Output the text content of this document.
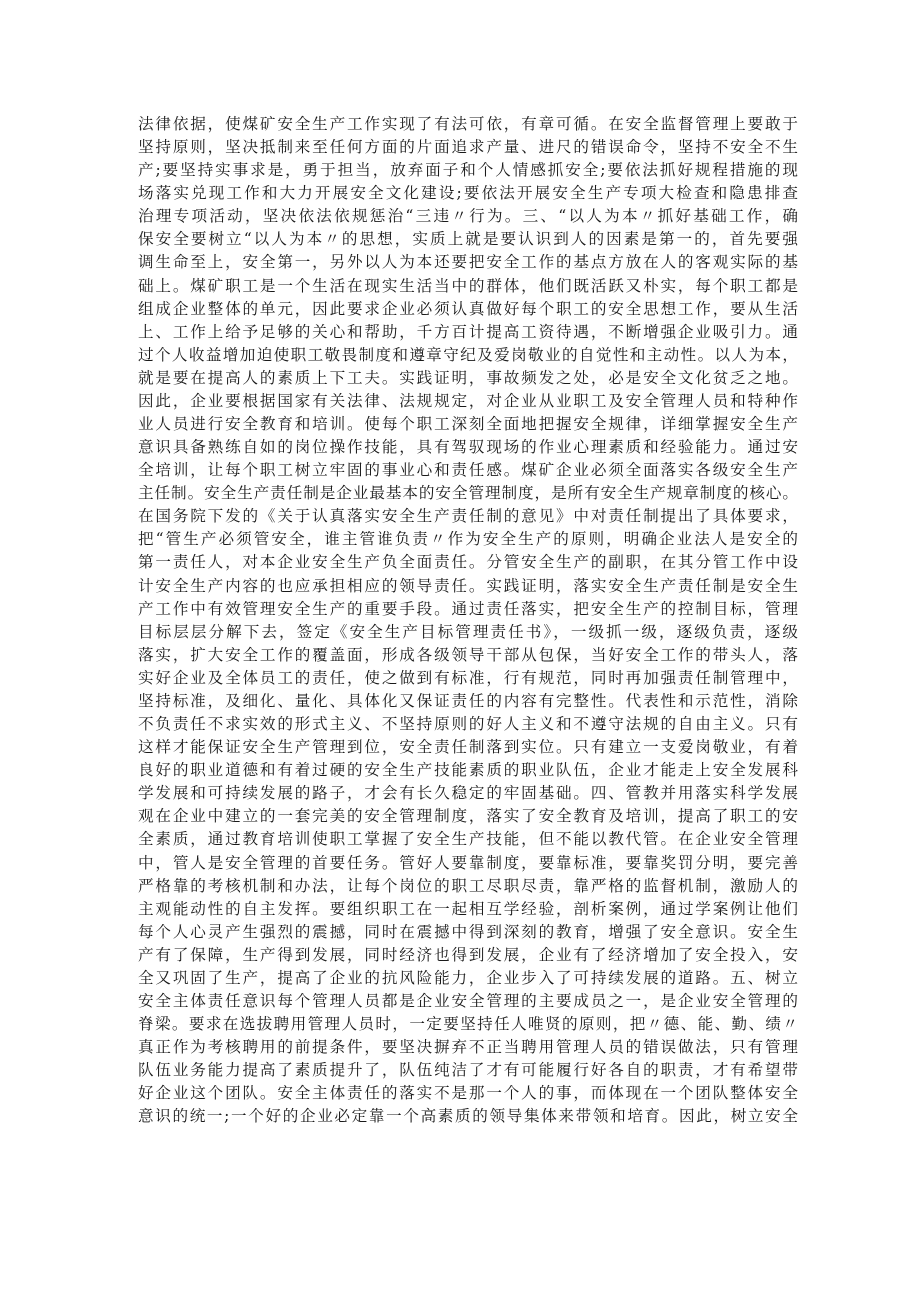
法律依据，使煤矿安全生产工作实现了有法可依，有章可循。在安全监督管理上要敢于
坚持原则，坚决抵制来至任何方面的片面追求产量、进尺的错误命令，坚持不安全不生
产;要坚持实事求是，勇于担当，放弃面子和个人情感抓安全;要依法抓好规程措施的现
场落实兑现工作和大力开展安全文化建设;要依法开展安全生产专项大检查和隐患排查
治理专项活动，坚决依法依规惩治“三违〃行为。三、“以人为本〃抓好基础工作，确
保安全要树立“以人为本〃的思想，实质上就是要认识到人的因素是第一的，首先要强
调生命至上，安全第一，另外以人为本还要把安全工作的基点方放在人的客观实际的基
础上。煤矿职工是一个生活在现实生活当中的群体，他们既活跃又朴实，每个职工都是
组成企业整体的单元，因此要求企业必须认真做好每个职工的安全思想工作，要从生活
上、工作上给予足够的关心和帮助，千方百计提高工资待遇，不断增强企业吸引力。通
过个人收益增加迫使职工敬畏制度和遵章守纪及爱岗敬业的自觉性和主动性。以人为本，
就是要在提高人的素质上下工夫。实践证明，事故频发之处，必是安全文化贫乏之地。
因此，企业要根据国家有关法律、法规规定，对企业从业职工及安全管理人员和特种作
业人员进行安全教育和培训。使每个职工深刻全面地把握安全规律，详细掌握安全生产
意识具备熟练自如的岗位操作技能，具有驾驭现场的作业心理素质和经验能力。通过安
全培训，让每个职工树立牢固的事业心和责任感。煤矿企业必须全面落实各级安全生产
主任制。安全生产责任制是企业最基本的安全管理制度，是所有安全生产规章制度的核心。
在国务院下发的《关于认真落实安全生产责任制的意见》中对责任制提出了具体要求，
把“管生产必须管安全，谁主管谁负责〃作为安全生产的原则，明确企业法人是安全的
第一责任人，对本企业安全生产负全面责任。分管安全生产的副职，在其分管工作中设
计安全生产内容的也应承担相应的领导责任。实践证明，落实安全生产责任制是安全生
产工作中有效管理安全生产的重要手段。通过责任落实，把安全生产的控制目标，管理
目标层层分解下去，签定《安全生产目标管理责任书》，一级抓一级，逐级负责，逐级
落实，扩大安全工作的覆盖面，形成各级领导干部从包保，当好安全工作的带头人，落
实好企业及全体员工的责任，使之做到有标准，行有规范，同时再加强责任制管理中，
坚持标准，及细化、量化、具体化又保证责任的内容有完整性。代表性和示范性，消除
不负责任不求实效的形式主义、不坚持原则的好人主义和不遵守法规的自由主义。只有
这样才能保证安全生产管理到位，安全责任制落到实位。只有建立一支爱岗敬业，有着
良好的职业道德和有着过硬的安全生产技能素质的职业队伍，企业才能走上安全发展科
学发展和可持续发展的路子，才会有长久稳定的牢固基础。四、管教并用落实科学发展
观在企业中建立的一套完美的安全管理制度，落实了安全教育及培训，提高了职工的安
全素质，通过教育培训使职工掌握了安全生产技能，但不能以教代管。在企业安全管理
中，管人是安全管理的首要任务。管好人要靠制度，要靠标准，要靠奖罚分明，要完善
严格靠的考核机制和办法，让每个岗位的职工尽职尽责，靠严格的监督机制，激励人的
主观能动性的自主发挥。要组织职工在一起相互学经验，剖析案例，通过学案例让他们
每个人心灵产生强烈的震撼，同时在震撼中得到深刻的教育，增强了安全意识。安全生
产有了保障，生产得到发展，同时经济也得到发展，企业有了经济增加了安全投入，安
全又巩固了生产，提高了企业的抗风险能力，企业步入了可持续发展的道路。五、树立
安全主体责任意识每个管理人员都是企业安全管理的主要成员之一，是企业安全管理的
脊梁。要求在选拔聘用管理人员时，一定要坚持任人唯贤的原则，把〃德、能、勤、绩〃
真正作为考核聘用的前提条件，要坚决摒弃不正当聘用管理人员的错误做法，只有管理
队伍业务能力提高了素质提升了，队伍纯洁了才有可能履行好各自的职责，才有希望带
好企业这个团队。安全主体责任的落实不是那一个人的事，而体现在一个团队整体安全
意识的统一;一个好的企业必定靠一个高素质的领导集体来带领和培育。因此，树立安全
